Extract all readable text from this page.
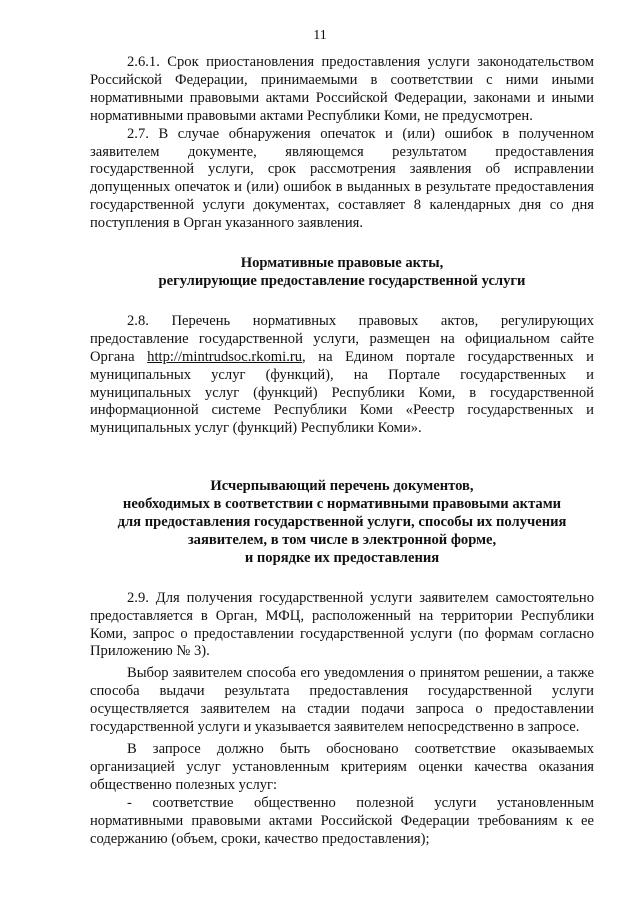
11

2.6.1. Срок приостановления предоставления услуги законодательством Российской Федерации, принимаемыми в соответствии с ними иными нормативными правовыми актами Российской Федерации, законами и иными нормативными правовыми актами Республики Коми, не предусмотрен.

2.7. В случае обнаружения опечаток и (или) ошибок в полученном заявителем документе, являющемся результатом предоставления государственной услуги, срок рассмотрения заявления об исправлении допущенных опечаток и (или) ошибок в выданных в результате предоставления государственной услуги документах, составляет 8 календарных дня со дня поступления в Орган указанного заявления.

Нормативные правовые акты,
регулирующие предоставление государственной услуги

2.8. Перечень нормативных правовых актов, регулирующих предоставление государственной услуги, размещен на официальном сайте Органа http://mintrudsoc.rkomi.ru, на Едином портале государственных и муниципальных услуг (функций), на Портале государственных и муниципальных услуг (функций) Республики Коми, в государственной информационной системе Республики Коми «Реестр государственных и муниципальных услуг (функций) Республики Коми».

Исчерпывающий перечень документов,
необходимых в соответствии с нормативными правовыми актами
для предоставления государственной услуги, способы их получения
заявителем, в том числе в электронной форме,
и порядке их предоставления

2.9. Для получения государственной услуги заявителем самостоятельно предоставляется в Орган, МФЦ, расположенный на территории Республики Коми, запрос о предоставлении государственной услуги (по формам согласно Приложению № 3).

Выбор заявителем способа его уведомления о принятом решении, а также способа выдачи результата предоставления государственной услуги осуществляется заявителем на стадии подачи запроса о предоставлении государственной услуги и указывается заявителем непосредственно в запросе.

В запросе должно быть обосновано соответствие оказываемых организацией услуг установленным критериям оценки качества оказания общественно полезных услуг:

- соответствие общественно полезной услуги установленным нормативными правовыми актами Российской Федерации требованиям к ее содержанию (объем, сроки, качество предоставления);
